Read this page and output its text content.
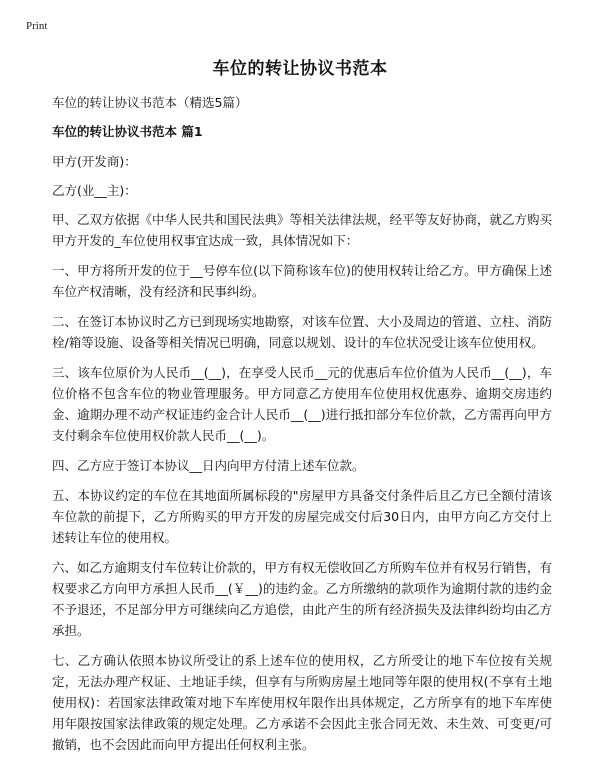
Print
车位的转让协议书范本

车位的转让协议书范本（精选5篇）

车位的转让协议书范本 篇1

甲方(开发商)：

乙方(业__主)：

甲、乙双方依据《中华人民共和国民法典》等相关法律法规，经平等友好协商，就乙方购买甲方开发的_车位使用权事宜达成一致，具体情况如下：

一、甲方将所开发的位于__号停车位(以下简称该车位)的使用权转让给乙方。甲方确保上述车位产权清晰，没有经济和民事纠纷。

二、在签订本协议时乙方已到现场实地勘察，对该车位置、大小及周边的管道、立柱、消防栓/箱等设施、设备等相关情况已明确，同意以规划、设计的车位状况受让该车位使用权。

三、该车位原价为人民币__(__)，在享受人民币__元的优惠后车位价值为人民币__(__)，车位价格不包含车位的物业管理服务。甲方同意乙方使用车位使用权优惠券、逾期交房违约金、逾期办理不动产权证违约金合计人民币__(__)进行抵扣部分车位价款，乙方需再向甲方支付剩余车位使用权价款人民币__(__)。

四、乙方应于签订本协议__日内向甲方付清上述车位款。

五、本协议约定的车位在其地面所属标段的"房屋甲方具备交付条件后且乙方已全额付清该车位款的前提下，乙方所购买的甲方开发的房屋完成交付后30日内，由甲方向乙方交付上述转让车位的使用权。

六、如乙方逾期支付车位转让价款的，甲方有权无偿收回乙方所购车位并有权另行销售，有权要求乙方向甲方承担人民币__(￥__)的违约金。乙方所缴纳的款项作为逾期付款的违约金不予退还，不足部分甲方可继续向乙方追偿，由此产生的所有经济损失及法律纠纷均由乙方承担。

七、乙方确认依照本协议所受让的系上述车位的使用权，乙方所受让的地下车位按有关规定，无法办理产权证、土地证手续，但享有与所购房屋土地同等年限的使用权(不享有土地使用权)：若国家法律政策对地下车库使用权年限作出具体规定，乙方所享有的地下车库使用年限按国家法律政策的规定处理。乙方承诺不会因此主张合同无效、未生效、可变更/可撤销，也不会因此而向甲方提出任何权利主张。
